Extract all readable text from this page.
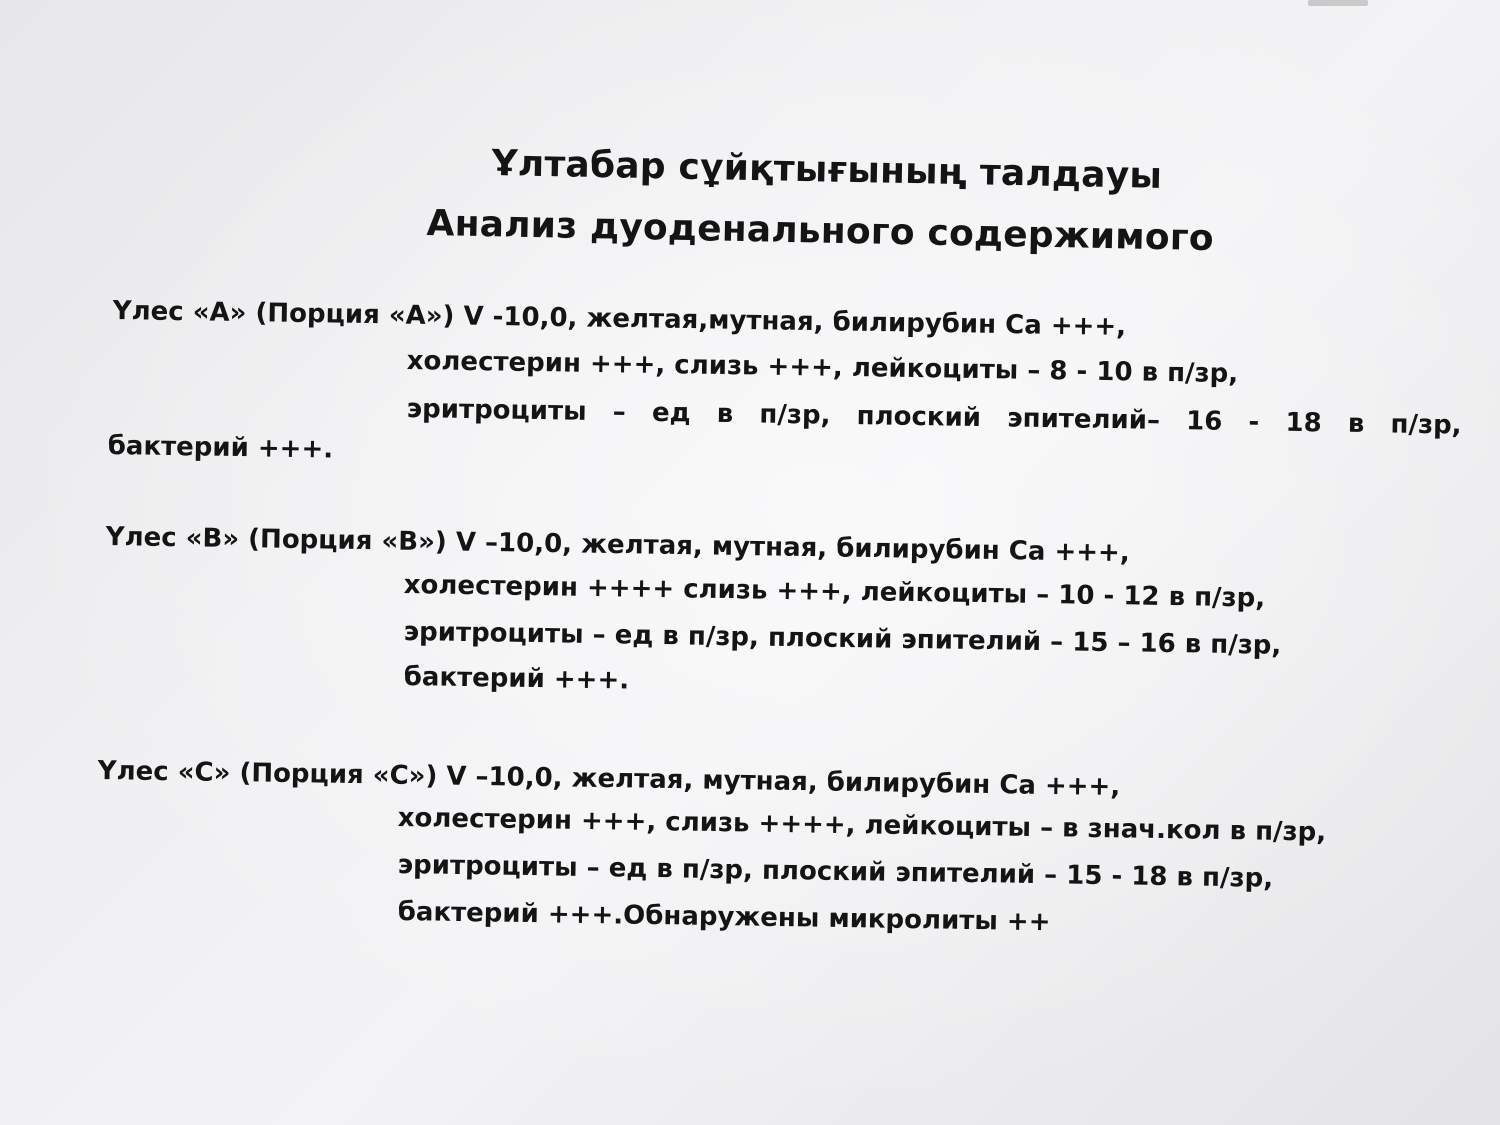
Ұлтабар сұйқтығының талдауы
Анализ дуоденального содержимого
Үлес «А» (Порция «А») V -10,0, желтая,мутная, билирубин Са +++,
холестерин +++, слизь +++, лейкоциты – 8 - 10 в п/зр,
эритроциты – ед в п/зр, плоский эпителий– 16 - 18 в п/зр,
бактерий +++.
Үлес «В» (Порция «В») V –10,0, желтая, мутная, билирубин Са +++,
холестерин ++++ слизь +++, лейкоциты – 10 - 12 в п/зр,
эритроциты – ед в п/зр, плоский эпителий – 15 – 16 в п/зр,
бактерий +++.
Үлес «С» (Порция «С») V –10,0, желтая, мутная, билирубин Са +++,
холестерин +++, слизь ++++, лейкоциты – в знач.кол в п/зр,
эритроциты – ед в п/зр, плоский эпителий – 15 - 18 в п/зр,
бактерий +++.Обнаружены микролиты ++
